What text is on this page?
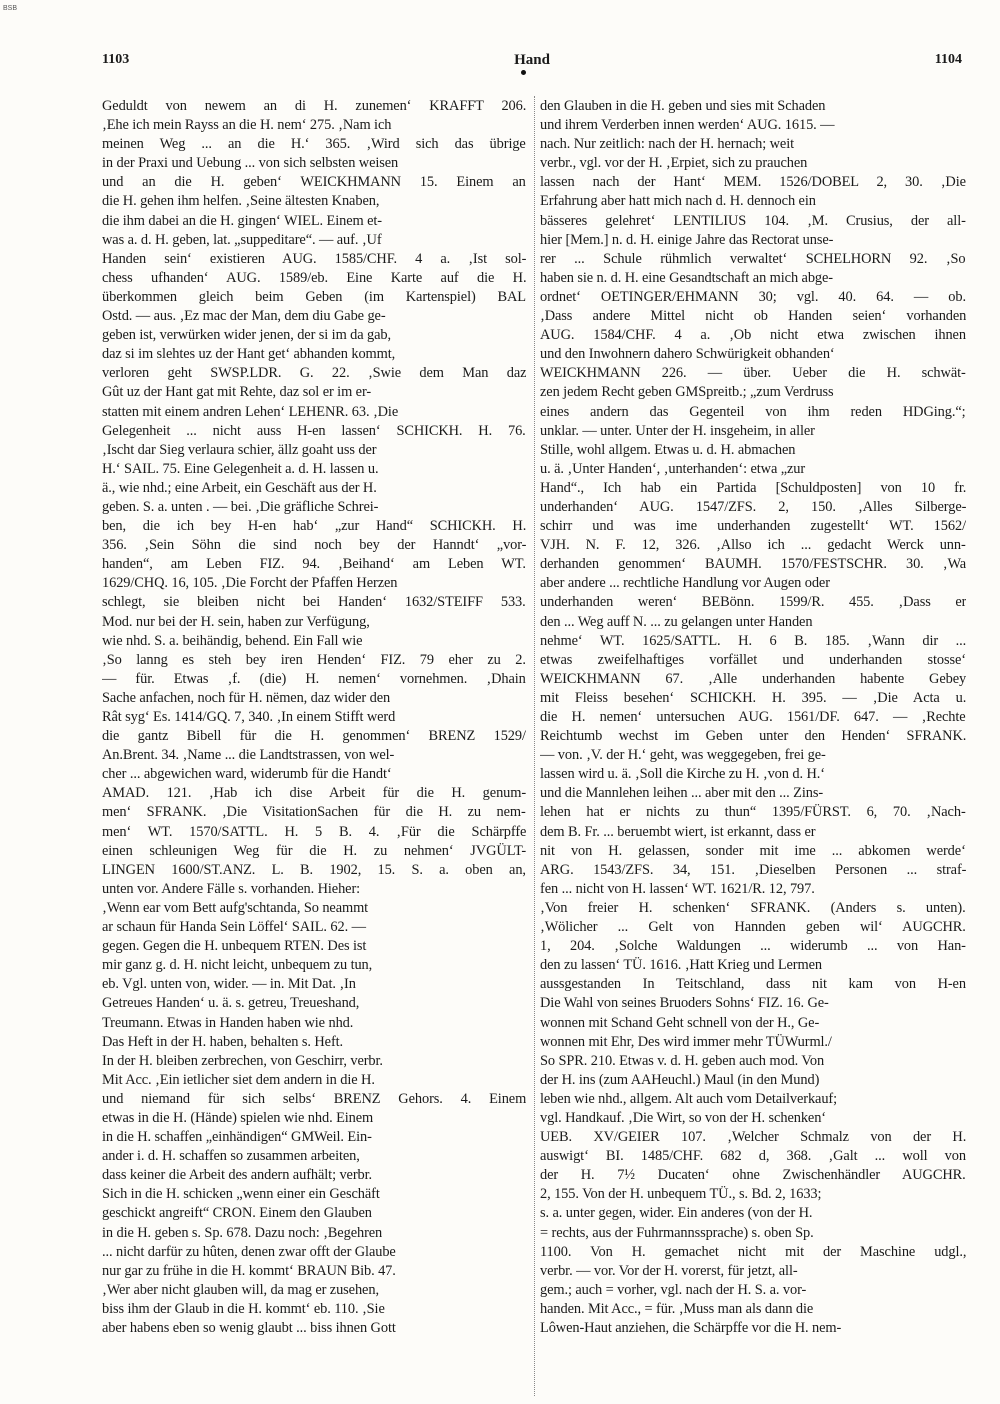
BSB
1103	Hand	1104
Geduldt von newem an di H. zunemen‘ KRAFFT 206.
‚Ehe ich mein Rayss an die H. nem‘ 275. ‚Nam ich
meinen Weg ... an die H.‘ 365. ‚Wird sich das übrige
in der Praxi und Uebung ... von sich selbsten weisen
und an die H. geben‘ WEICKHMANN 15. Einem an
die H. gehen ihm helfen. ‚Seine ältesten Knaben,
die ihm dabei an die H. gingen‘ WIEL. Einem et-
was a. d. H. geben, lat. „suppeditare“. — auf. ‚Uf
Handen sein‘ existieren AUG. 1585/CHF. 4 a. ‚Ist sol-
chess ufhanden‘ AUG. 1589/eb. Eine Karte auf die H.
überkommen gleich beim Geben (im Kartenspiel) BAL
Ostd. — aus. ‚Ez mac der Man, dem diu Gabe ge-
geben ist, verwürken wider jenen, der si im da gab,
daz si im slehtes uz der Hant get‘ abhanden kommt,
verloren geht SWSP.LDR. G. 22. ‚Swie dem Man daz
Gût uz der Hant gat mit Rehte, daz sol er im er-
statten mit einem andren Lehen‘ LEHENR. 63. ‚Die
Gelegenheit ... nicht auss H-en lassen‘ SCHICKH. H. 76.
‚Ischt dar Sieg verlaura schier, ällz goaht uss der
H.‘ SAIL. 75. Eine Gelegenheit a. d. H. lassen u.
ä., wie nhd.; eine Arbeit, ein Geschäft aus der H.
geben. S. a. unten . — bei. ‚Die gräfliche Schrei-
ben, die ich bey H-en hab‘ „zur Hand“ SCHICKH. H.
356. ‚Sein Söhn die sind noch bey der Hanndt‘ „vor-
handen“, am Leben FIZ. 94. ‚Beihand‘ am Leben WT.
1629/CHQ. 16, 105. ‚Die Forcht der Pfaffen Herzen
schlegt, sie bleiben nicht bei Handen‘ 1632/STEIFF 533.
Mod. nur bei der H. sein, haben zur Verfügung,
wie nhd. S. a. beihändig, behend. Ein Fall wie
‚So lanng es steh bey iren Henden‘ FIZ. 79 eher zu 2.
— für. Etwas ‚f. (die) H. nemen‘ vornehmen. ‚Dhain
Sache anfachen, noch für H. nëmen, daz wider den
Rât syg‘ Es. 1414/GQ. 7, 340. ‚In einem Stifft werd
die gantz Bibell für die H. genommen‘ BRENZ 1529/
An.Brent. 34. ‚Name ... die Landtstrassen, von wel-
cher ... abgewichen ward, widerumb für die Handt‘
AMAD. 121. ‚Hab ich dise Arbeit für die H. genum-
men‘ SFRANK. ‚Die VisitationSachen für die H. zu nem-
men‘ WT. 1570/SATTL. H. 5 B. 4. ‚Für die Schärpffe
einen schleunigen Weg für die H. zu nehmen‘ JVGÜLT-
LINGEN 1600/ST.ANZ. L. B. 1902, 15. S. a. oben an,
unten vor. Andere Fälle s. vorhanden. Hieher:
‚Wenn ear vom Bett aufg'schtanda, So neammt
ar schaun für Handa Sein Löffel‘ SAIL. 62. —
gegen. Gegen die H. unbequem RTEN. Des ist
mir ganz g. d. H. nicht leicht, unbequem zu tun,
eb. Vgl. unten von, wider. — in. Mit Dat. ‚In
Getreues Handen‘ u. ä. s. getreu, Treueshand,
Treumann. Etwas in Handen haben wie nhd.
Das Heft in der H. haben, behalten s. Heft.
In der H. bleiben zerbrechen, von Geschirr, verbr.
Mit Acc. ‚Ein ietlicher siet dem andern in die H.
und niemand für sich selbs‘ BRENZ Gehors. 4. Einem
etwas in die H. (Hände) spielen wie nhd. Einem
in die H. schaffen „einhändigen“ GMWeil. Ein-
ander i. d. H. schaffen so zusammen arbeiten,
dass keiner die Arbeit des andern aufhält; verbr.
Sich in die H. schicken „wenn einer ein Geschäft
geschickt angreift“ CRON. Einem den Glauben
in die H. geben s. Sp. 678. Dazu noch: ‚Begehren
... nicht darfür zu hûten, denen zwar offt der Glaube
nur gar zu frühe in die H. kommt‘ BRAUN Bib. 47.
‚Wer aber nicht glauben will, da mag er zusehen,
biss ihm der Glaub in die H. kommt‘ eb. 110. ‚Sie
aber habens eben so wenig glaubt ... biss ihnen Gott
den Glauben in die H. geben und sies mit Schaden
und ihrem Verderben innen werden‘ AUG. 1615. —
nach. Nur zeitlich: nach der H. hernach; weit
verbr., vgl. vor der H. ‚Erpiet, sich zu prauchen
lassen nach der Hant‘ MEM. 1526/DOBEL 2, 30. ‚Die
Erfahrung aber hatt mich nach d. H. dennoch ein
bässeres gelehret‘ LENTILIUS 104. ‚M. Crusius, der all-
hier [Mem.] n. d. H. einige Jahre das Rectorat unse-
rer ... Schule rühmlich verwaltet‘ SCHELHORN 92. ‚So
haben sie n. d. H. eine Gesandtschaft an mich abge-
ordnet‘ OETINGER/EHMANN 30; vgl. 40. 64. — ob.
‚Dass andere Mittel nicht ob Handen seien‘ vorhanden
AUG. 1584/CHF. 4 a. ‚Ob nicht etwa zwischen ihnen
und den Inwohnern dahero Schwürigkeit obhanden‘
WEICKHMANN 226. — über. Ueber die H. schwät-
zen jedem Recht geben GMSpreitb.; „zum Verdruss
eines andern das Gegenteil von ihm reden HDGing.“;
unklar. — unter. Unter der H. insgeheim, in aller
Stille, wohl allgem. Etwas u. d. H. abmachen
u. ä. ‚Unter Handen‘, ‚unterhanden‘: etwa „zur
Hand“., Ich hab ein Partida [Schuldposten] von 10 fr.
underhanden‘ AUG. 1547/ZFS. 2, 150. ‚Alles Silberge-
schirr und was ime underhanden zugestellt‘ WT. 1562/
VJH. N. F. 12, 326. ‚Allso ich ... gedacht Werck unn-
derhanden genommen‘ BAUMH. 1570/FESTSCHR. 30. ‚Wa
aber andere ... rechtliche Handlung vor Augen oder
underhanden weren‘ BEBönn. 1599/R. 455. ‚Dass er
den ... Weg auff N. ... zu gelangen unter Handen
nehme‘ WT. 1625/SATTL. H. 6 B. 185. ‚Wann dir ...
etwas zweifelhaftiges vorfället und underhanden stosse‘
WEICKHMANN 67. ‚Alle underhanden habente Gebey
mit Fleiss besehen‘ SCHICKH. H. 395. — ‚Die Acta u.
die H. nemen‘ untersuchen AUG. 1561/DF. 647. — ‚Rechte
Reichtumb wechst im Geben unter den Henden‘ SFRANK.
— von. ‚V. der H.‘ geht, was weggegeben, frei ge-
lassen wird u. ä. ‚Soll die Kirche zu H. ‚von d. H.‘
und die Mannlehen leihen ... aber mit den ... Zins-
lehen hat er nichts zu thun“ 1395/FÜRST. 6, 70. ‚Nach-
dem B. Fr. ... beruembt wiert, ist erkannt, dass er
nit von H. gelassen, sonder mit ime ... abkomen werde‘
ARG. 1543/ZFS. 34, 151. ‚Dieselben Personen ... straf-
fen ... nicht von H. lassen‘ WT. 1621/R. 12, 797.
‚Von freier H. schenken‘ SFRANK. (Anders s. unten).
‚Wölicher ... Gelt von Hannden geben wil‘ AUGCHR.
1, 204. ‚Solche Waldungen ... widerumb ... von Han-
den zu lassen‘ TÜ. 1616. ‚Hatt Krieg und Lermen
aussgestanden In Teitschland, dass nit kam von H-en
Die Wahl von seines Bruoders Sohns‘ FIZ. 16. Ge-
wonnen mit Schand Geht schnell von der H., Ge-
wonnen mit Ehr, Des wird immer mehr TÜWurml./
So SPR. 210. Etwas v. d. H. geben auch mod. Von
der H. ins (zum AAHeuchl.) Maul (in den Mund)
leben wie nhd., allgem. Alt auch vom Detailverkauf;
vgl. Handkauf. ‚Die Wirt, so von der H. schenken‘
UEB. XV/GEIER 107. ‚Welcher Schmalz von der H.
auswigt‘ BI. 1485/CHF. 682 d, 368. ‚Galt ... woll von
der H. 7½ Ducaten‘ ohne Zwischenhändler AUGCHR.
2, 155. Von der H. unbequem TÜ., s. Bd. 2, 1633;
s. a. unter gegen, wider. Ein anderes (von der H.
= rechts, aus der Fuhrmannssprache) s. oben Sp.
1100. Von H. gemachet nicht mit der Maschine udgl.,
verbr. — vor. Vor der H. vorerst, für jetzt, all-
gem.; auch = vorher, vgl. nach der H. S. a. vor-
handen. Mit Acc., = für. ‚Muss man als dann die
Lôwen-Haut anziehen, die Schärpffe vor die H. nem-
